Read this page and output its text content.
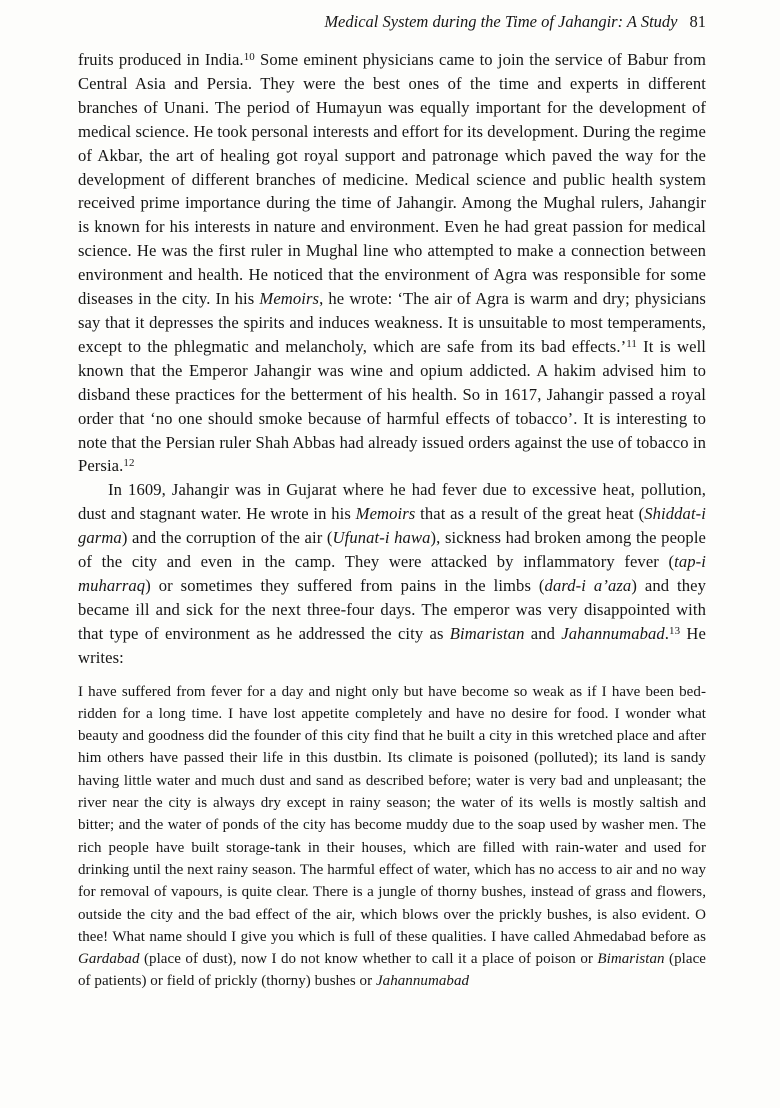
Medical System during the Time of Jahangir: A Study 81

fruits produced in India.$^{10}$ Some eminent physicians came to join the service of Babur from Central Asia and Persia. They were the best ones of the time and experts in different branches of Unani. The period of Humayun was equally important for the development of medical science. He took personal interests and effort for its development. During the regime of Akbar, the art of healing got royal support and patronage which paved the way for the development of different branches of medicine. Medical science and public health system received prime importance during the time of Jahangir. Among the Mughal rulers, Jahangir is known for his interests in nature and environment. Even he had great passion for medical science. He was the first ruler in Mughal line who attempted to make a connection between environment and health. He noticed that the environment of Agra was responsible for some diseases in the city. In his Memoirs, he wrote: ‘The air of Agra is warm and dry; physicians say that it depresses the spirits and induces weakness. It is unsuitable to most temperaments, except to the phlegmatic and melancholy, which are safe from its bad effects.’$^{11}$ It is well known that the Emperor Jahangir was wine and opium addicted. A hakim advised him to disband these practices for the betterment of his health. So in 1617, Jahangir passed a royal order that ‘no one should smoke because of harmful effects of tobacco’. It is interesting to note that the Persian ruler Shah Abbas had already issued orders against the use of tobacco in Persia.$^{12}$

In 1609, Jahangir was in Gujarat where he had fever due to excessive heat, pollution, dust and stagnant water. He wrote in his Memoirs that as a result of the great heat (Shiddat-i garma) and the corruption of the air (Ufunat-i hawa), sickness had broken among the people of the city and even in the camp. They were attacked by inflammatory fever (tap-i muharraq) or sometimes they suffered from pains in the limbs (dard-i a’aza) and they became ill and sick for the next three-four days. The emperor was very disappointed with that type of environment as he addressed the city as Bimaristan and Jahannumabad.$^{13}$ He writes:

I have suffered from fever for a day and night only but have become so weak as if I have been bed-ridden for a long time. I have lost appetite completely and have no desire for food. I wonder what beauty and goodness did the founder of this city find that he built a city in this wretched place and after him others have passed their life in this dustbin. Its climate is poisoned (polluted); its land is sandy having little water and much dust and sand as described before; water is very bad and unpleasant; the river near the city is always dry except in rainy season; the water of its wells is mostly saltish and bitter; and the water of ponds of the city has become muddy due to the soap used by washer men. The rich people have built storage-tank in their houses, which are filled with rain-water and used for drinking until the next rainy season. The harmful effect of water, which has no access to air and no way for removal of vapours, is quite clear. There is a jungle of thorny bushes, instead of grass and flowers, outside the city and the bad effect of the air, which blows over the prickly bushes, is also evident. O thee! What name should I give you which is full of these qualities. I have called Ahmedabad before as Gardabad (place of dust), now I do not know whether to call it a place of poison or Bimaristan (place of patients) or field of prickly (thorny) bushes or Jahannumabad
